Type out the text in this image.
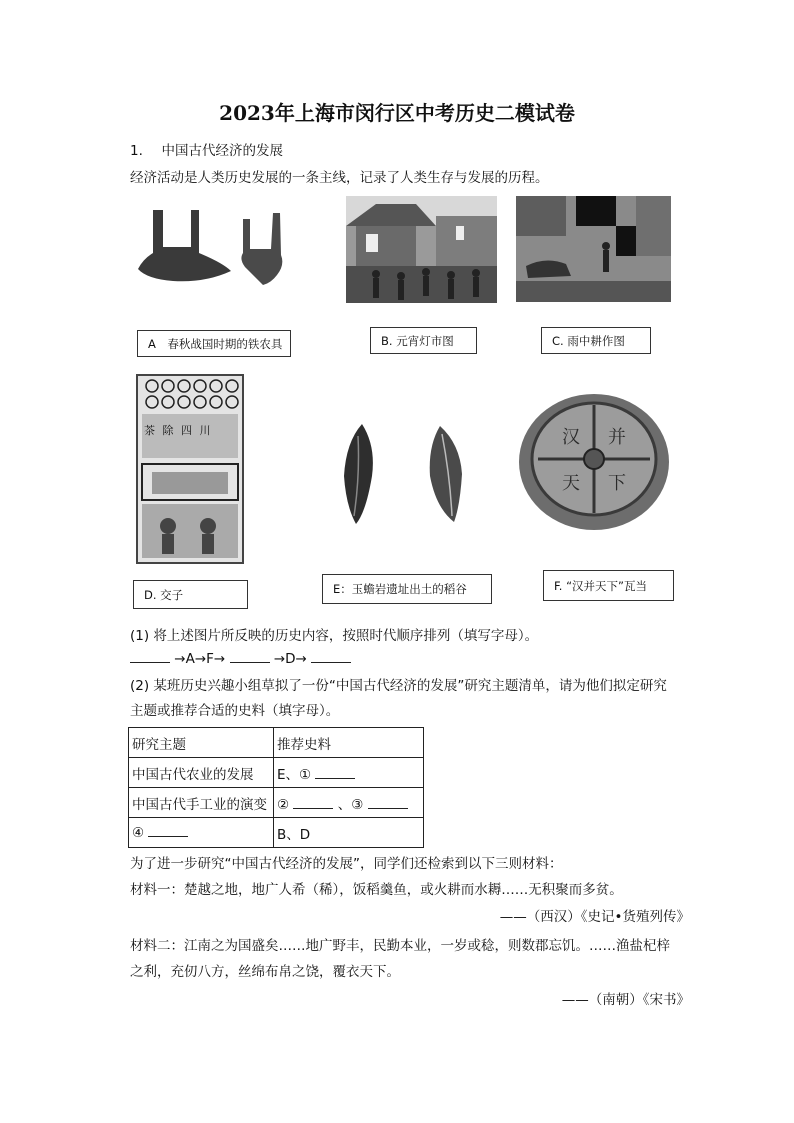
2023年上海市闵行区中考历史二模试卷
1. 中国古代经济的发展
经济活动是人类历史发展的一条主线，记录了人类生存与发展的历程。
A　春秋战国时期的铁农具	B. 元宵灯市图	C. 雨中耕作图
茶 除 四 川
D. 交子	E：玉蟾岩遗址出土的稻谷
汉 并
天 下
F. “汉并天下”瓦当
(1) 将上述图片所反映的历史内容，按照时代顺序排列（填写字母）。
→A→F→	→D→
(2) 某班历史兴趣小组草拟了一份“中国古代经济的发展”研究主题清单，请为他们拟定研究
主题或推荐合适的史料（填字母）。
研究主题	推荐史料
中国古代农业的发展	E、①
中国古代手工业的演变	② 、③
④	B、D
为了进一步研究“中国古代经济的发展”，同学们还检索到以下三则材料：
材料一：楚越之地，地广人希（稀），饭稻羹鱼，或火耕而水耨……无积聚而多贫。
——（西汉）《史记•货殖列传》
材料二：江南之为国盛矣……地广野丰，民勤本业，一岁或稔，则数郡忘饥。……渔盐杞梓
之利，充仞八方，丝绵布帛之饶，覆衣天下。
——（南朝）《宋书》
